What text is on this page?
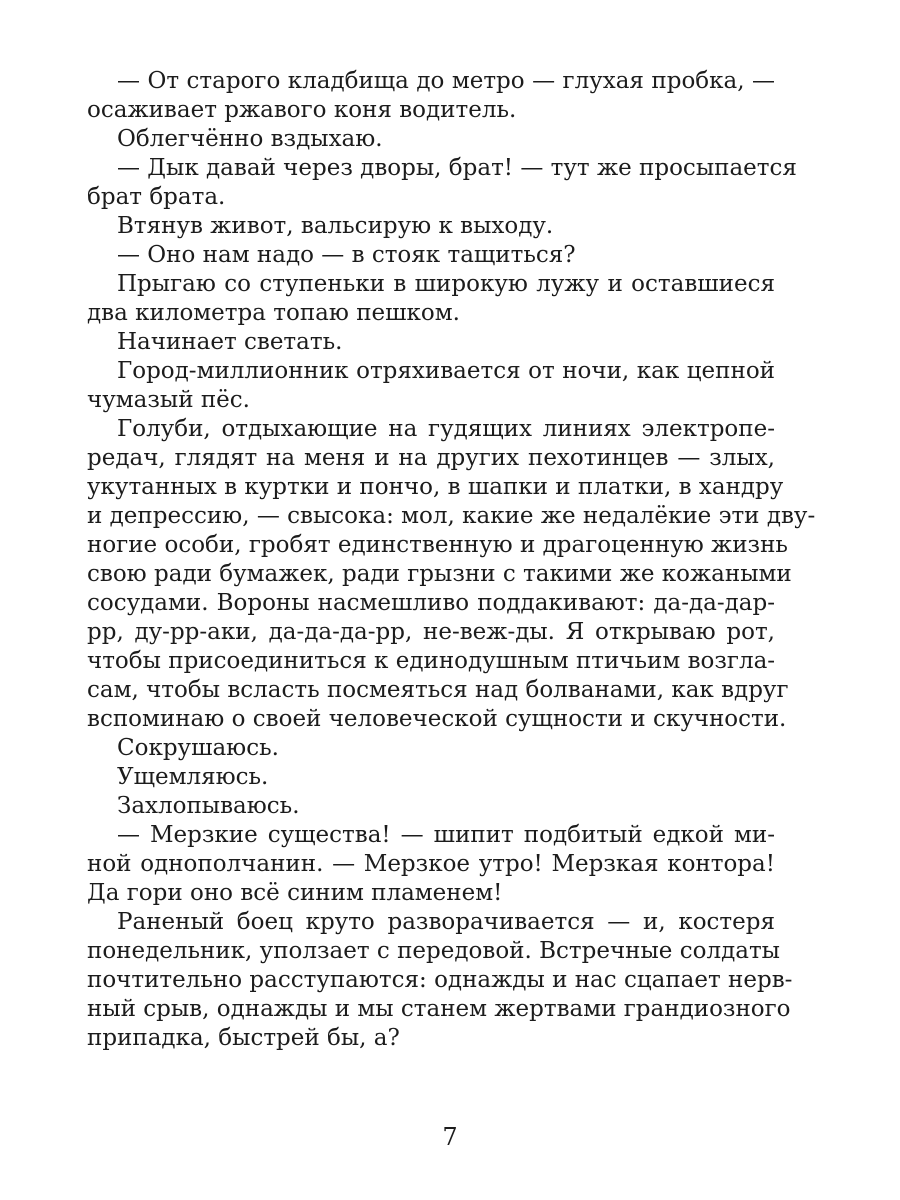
— От старого кладбища до метро — глухая пробка, —
осаживает ржавого коня водитель.
Облегчённо вздыхаю.
— Дык давай через дворы, брат! — тут же просыпается
брат брата.
Втянув живот, вальсирую к выходу.
— Оно нам надо — в стояк тащиться?
Прыгаю со ступеньки в широкую лужу и оставшиеся
два километра топаю пешком.
Начинает светать.
Город-миллионник отряхивается от ночи, как цепной
чумазый пёс.
Голуби, отдыхающие на гудящих линиях электропе-
редач, глядят на меня и на других пехотинцев — злых,
укутанных в куртки и пончо, в шапки и платки, в хандру
и депрессию, — свысока: мол, какие же недалёкие эти дву-
ногие особи, гробят единственную и драгоценную жизнь
свою ради бумажек, ради грызни с такими же кожаными
сосудами. Вороны насмешливо поддакивают: да-да-дар-
рр, ду-рр-аки, да-да-да-рр, не-веж-ды. Я открываю рот,
чтобы присоединиться к единодушным птичьим возгла-
сам, чтобы всласть посмеяться над болванами, как вдруг
вспоминаю о своей человеческой сущности и скучности.
Сокрушаюсь.
Ущемляюсь.
Захлопываюсь.
— Мерзкие существа! — шипит подбитый едкой ми-
ной однополчанин. — Мерзкое утро! Мерзкая контора!
Да гори оно всё синим пламенем!
Раненый боец круто разворачивается — и, костеря
понедельник, уползает с передовой. Встречные солдаты
почтительно расступаются: однажды и нас сцапает нерв-
ный срыв, однажды и мы станем жертвами грандиозного
припадка, быстрей бы, а?
7
